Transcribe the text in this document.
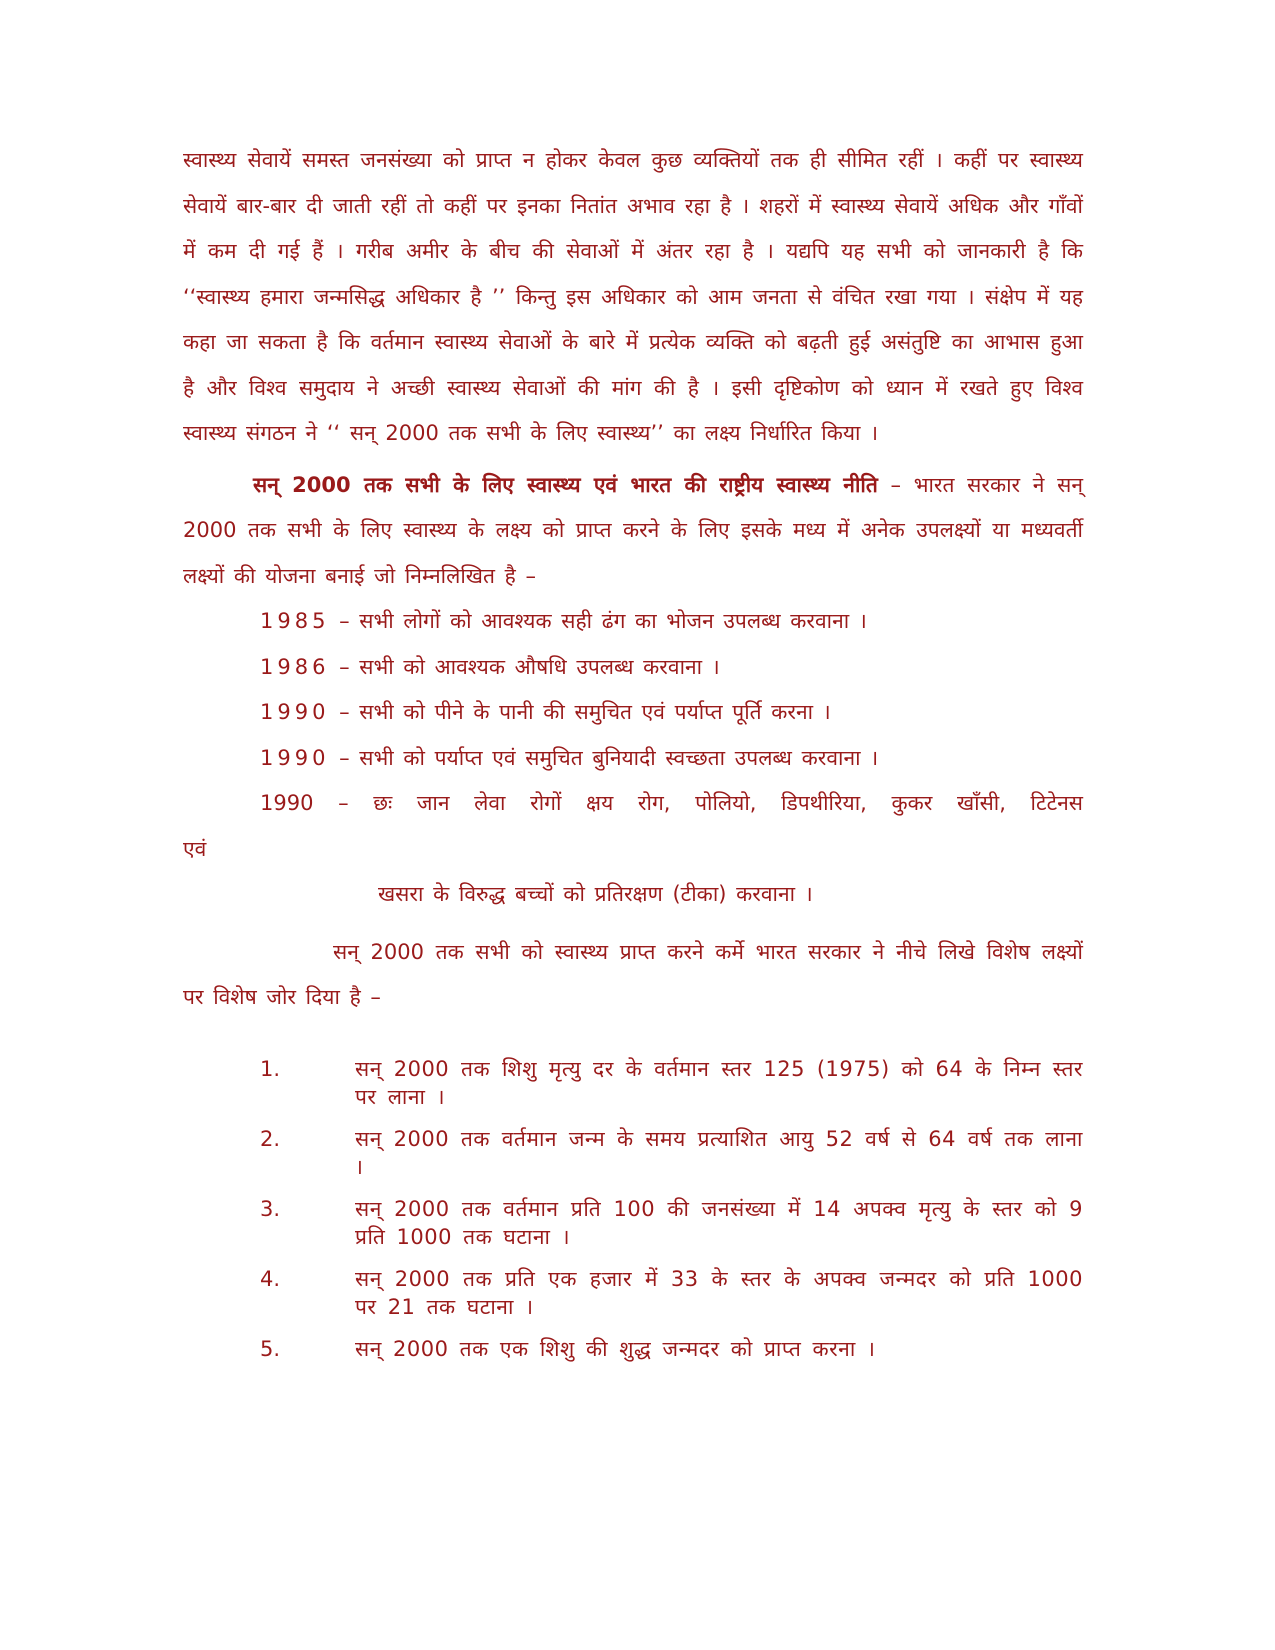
स्वास्थ्य सेवायें समस्त जनसंख्या को प्राप्त न होकर केवल कुछ व्यक्तियों तक ही सीमित रहीं । कहीं पर स्वास्थ्य सेवायें बार-बार दी जाती रहीं तो कहीं पर इनका नितांत अभाव रहा है । शहरों में स्वास्थ्य सेवायें अधिक और गाँवों में कम दी गई हैं । गरीब अमीर के बीच की सेवाओं में अंतर रहा है । यद्यपि यह सभी को जानकारी है कि ‘‘स्वास्थ्य हमारा जन्मसिद्ध अधिकार है ’’ किन्तु इस अधिकार को आम जनता से वंचित रखा गया । संक्षेप में यह कहा जा सकता है कि वर्तमान स्वास्थ्य सेवाओं के बारे में प्रत्येक व्यक्ति को बढ़ती हुई असंतुष्टि का आभास हुआ है और विश्व समुदाय ने अच्छी स्वास्थ्य सेवाओं की मांग की है । इसी दृष्टिकोण को ध्यान में रखते हुए विश्व स्वास्थ्य संगठन ने ‘‘ सन् 2000 तक सभी के लिए स्वास्थ्य’’ का लक्ष्य निर्धारित किया ।

सन् 2000 तक सभी के लिए स्वास्थ्य एवं भारत की राष्ट्रीय स्वास्थ्य नीति – भारत सरकार ने सन् 2000 तक सभी के लिए स्वास्थ्य के लक्ष्य को प्राप्त करने के लिए इसके मध्य में अनेक उपलक्ष्यों या मध्यवर्ती लक्ष्यों की योजना बनाई जो निम्नलिखित है –

1985 – सभी लोगों को आवश्यक सही ढंग का भोजन उपलब्ध करवाना ।

1986 – सभी को आवश्यक औषधि उपलब्ध करवाना ।

1990 – सभी को पीने के पानी की समुचित एवं पर्याप्त पूर्ति करना ।

1990 – सभी को पर्याप्त एवं समुचित बुनियादी स्वच्छता उपलब्ध करवाना ।

1990 – छः जान लेवा रोगों क्षय रोग, पोलियो, डिपथीरिया, कुकर खाँसी, टिटेनस

एवं

खसरा के विरुद्ध बच्चों को प्रतिरक्षण (टीका) करवाना ।

सन् 2000 तक सभी को स्वास्थ्य प्राप्त करने कर्मे भारत सरकार ने नीचे लिखे विशेष लक्ष्यों पर विशेष जोर दिया है –

1.	सन् 2000 तक शिशु मृत्यु दर के वर्तमान स्तर 125 (1975) को 64 के निम्न स्तर पर लाना ।
2.	सन् 2000 तक वर्तमान जन्म के समय प्रत्याशित आयु 52 वर्ष से 64 वर्ष तक लाना ।
3.	सन् 2000 तक वर्तमान प्रति 100 की जनसंख्या में 14 अपक्व मृत्यु के स्तर को 9 प्रति 1000 तक घटाना ।
4.	सन् 2000 तक प्रति एक हजार में 33 के स्तर के अपक्व जन्मदर को प्रति 1000 पर 21 तक घटाना ।
5.	सन् 2000 तक एक शिशु की शुद्ध जन्मदर को प्राप्त करना ।
